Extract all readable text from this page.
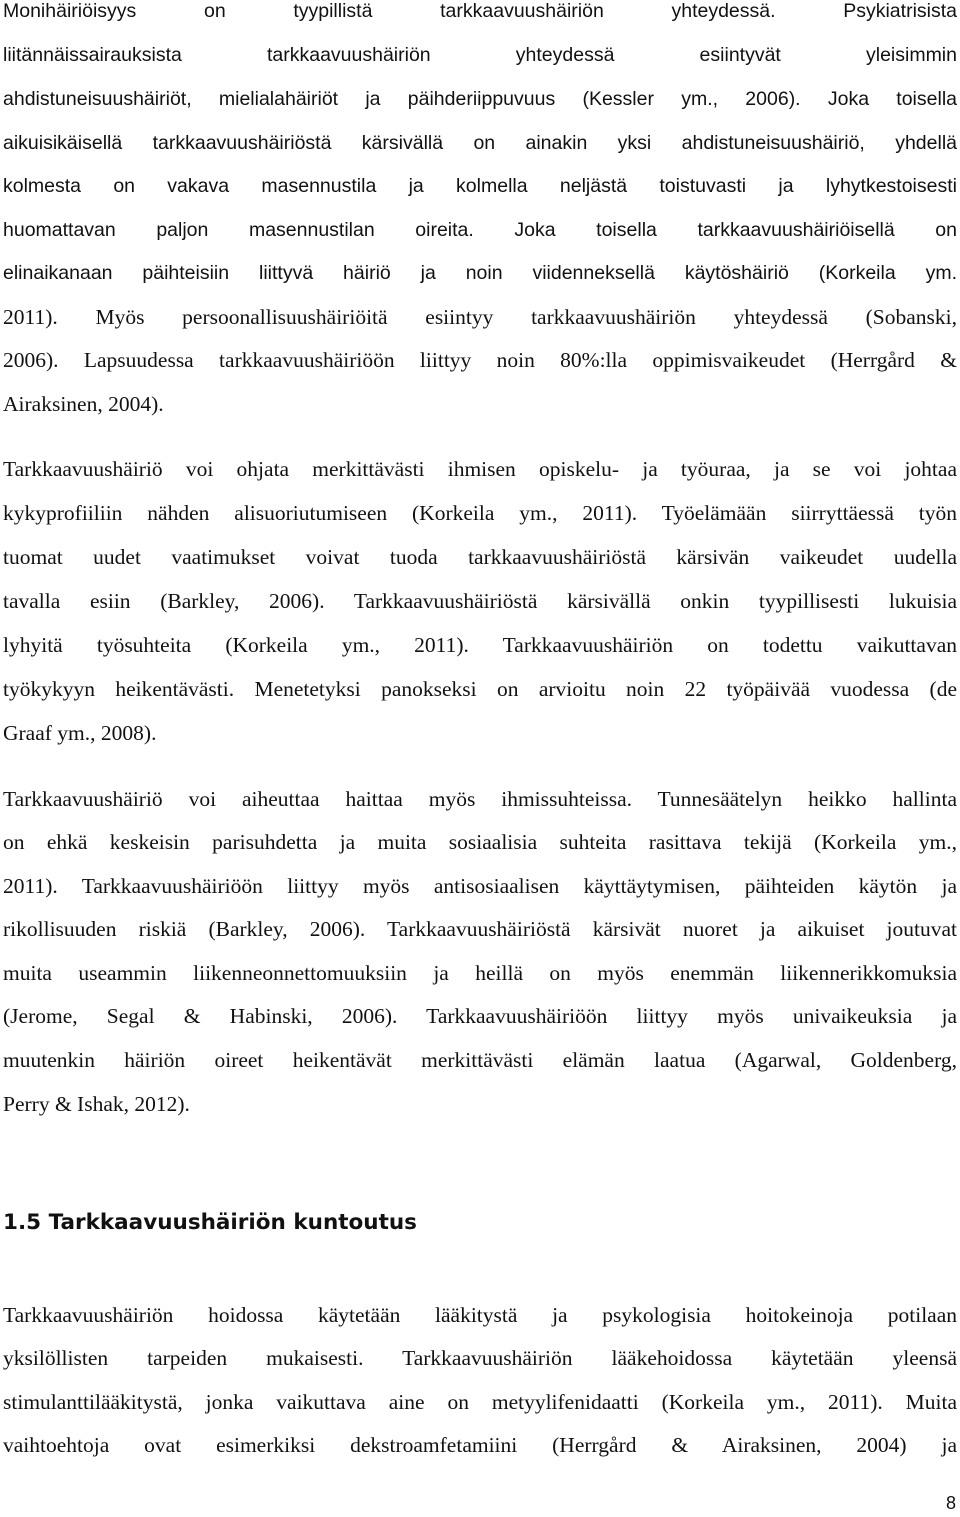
Monihäiriöisyys on tyypillistä tarkkaavuushäiriön yhteydessä. Psykiatrisista

liitännäissairauksista tarkkaavuushäiriön yhteydessä esiintyvät yleisimmin

ahdistuneisuushäiriöt, mielialahäiriöt ja päihderiippuvuus (Kessler ym., 2006). Joka toisella

aikuisikäisellä tarkkaavuushäiriöstä kärsivällä on ainakin yksi ahdistuneisuushäiriö, yhdellä

kolmesta on vakava masennustila ja kolmella neljästä toistuvasti ja lyhytkestoisesti

huomattavan paljon masennustilan oireita. Joka toisella tarkkaavuushäiriöisellä on

elinaikanaan päihteisiin liittyvä häiriö ja noin viidenneksellä käytöshäiriö (Korkeila ym.

2011). Myös persoonallisuushäiriöitä esiintyy tarkkaavuushäiriön yhteydessä (Sobanski,

2006). Lapsuudessa tarkkaavuushäiriöön liittyy noin 80%:lla oppimisvaikeudet (Herrgård &

Airaksinen, 2004).

Tarkkaavuushäiriö voi ohjata merkittävästi ihmisen opiskelu- ja työuraa, ja se voi johtaa

kykyprofiiliin nähden alisuoriutumiseen (Korkeila ym., 2011). Työelämään siirryttäessä työn

tuomat uudet vaatimukset voivat tuoda tarkkaavuushäiriöstä kärsivän vaikeudet uudella

tavalla esiin (Barkley, 2006). Tarkkaavuushäiriöstä kärsivällä onkin tyypillisesti lukuisia

lyhyitä työsuhteita (Korkeila ym., 2011). Tarkkaavuushäiriön on todettu vaikuttavan

työkykyyn heikentävästi. Menetetyksi panokseksi on arvioitu noin 22 työpäivää vuodessa (de

Graaf ym., 2008).

Tarkkaavuushäiriö voi aiheuttaa haittaa myös ihmissuhteissa. Tunnesäätelyn heikko hallinta

on ehkä keskeisin parisuhdetta ja muita sosiaalisia suhteita rasittava tekijä (Korkeila ym.,

2011). Tarkkaavuushäiriöön liittyy myös antisosiaalisen käyttäytymisen, päihteiden käytön ja

rikollisuuden riskiä (Barkley, 2006). Tarkkaavuushäiriöstä kärsivät nuoret ja aikuiset joutuvat

muita useammin liikenneonnettomuuksiin ja heillä on myös enemmän liikennerikkomuksia

(Jerome, Segal & Habinski, 2006). Tarkkaavuushäiriöön liittyy myös univaikeuksia ja

muutenkin häiriön oireet heikentävät merkittävästi elämän laatua (Agarwal, Goldenberg,

Perry & Ishak, 2012).

1.5 Tarkkaavuushäiriön kuntoutus

Tarkkaavuushäiriön hoidossa käytetään lääkitystä ja psykologisia hoitokeinoja potilaan

yksilöllisten tarpeiden mukaisesti. Tarkkaavuushäiriön lääkehoidossa käytetään yleensä

stimulanttilääkitystä, jonka vaikuttava aine on metyylifenidaatti (Korkeila ym., 2011). Muita

vaihtoehtoja ovat esimerkiksi dekstroamfetamiini (Herrgård & Airaksinen, 2004) ja

8
